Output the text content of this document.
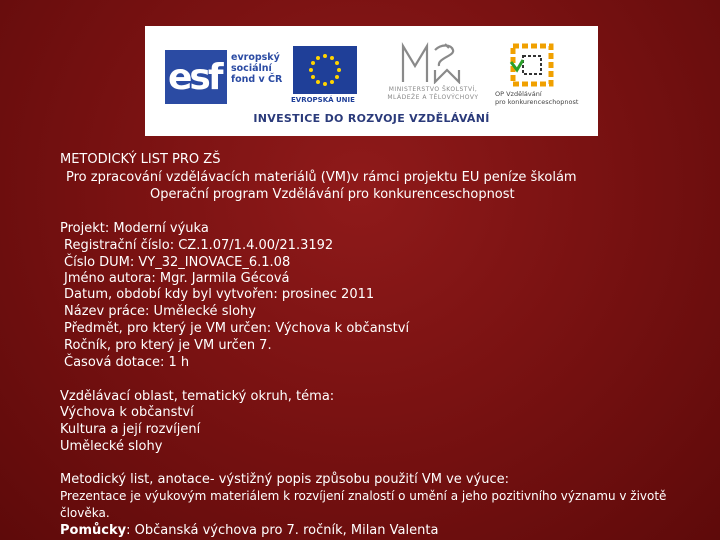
esf evropský
sociální
fond v ČR
EVROPSKÁ UNIE
MINISTERSTVO ŠKOLSTVÍ,
MLÁDEŽE A TĚLOVÝCHOVY	OP Vzdělávání
pro konkurenceschopnost
INVESTICE DO ROZVOJE VZDĚLÁVÁNÍ
METODICKÝ LIST PRO ZŠ
Pro zpracování vzdělávacích materiálů (VM)v rámci projektu EU peníze školám
Operační program Vzdělávání pro konkurenceschopnost
Projekt: Moderní výuka
Registrační číslo: CZ.1.07/1.4.00/21.3192
Číslo DUM: VY_32_INOVACE_6.1.08
Jméno autora: Mgr. Jarmila Gécová
Datum, období kdy byl vytvořen: prosinec 2011
Název práce: Umělecké slohy
Předmět, pro který je VM určen: Výchova k občanství
Ročník, pro který je VM určen 7.
Časová dotace: 1 h
Vzdělávací oblast, tematický okruh, téma:
Výchova k občanství
Kultura a její rozvíjení
Umělecké slohy
Metodický list, anotace- výstižný popis způsobu použití VM ve výuce:
Prezentace je výukovým materiálem k rozvíjení znalostí o umění a jeho pozitivního významu v životě
člověka.
Pomůcky: Občanská výchova pro 7. ročník, Milan Valenta
